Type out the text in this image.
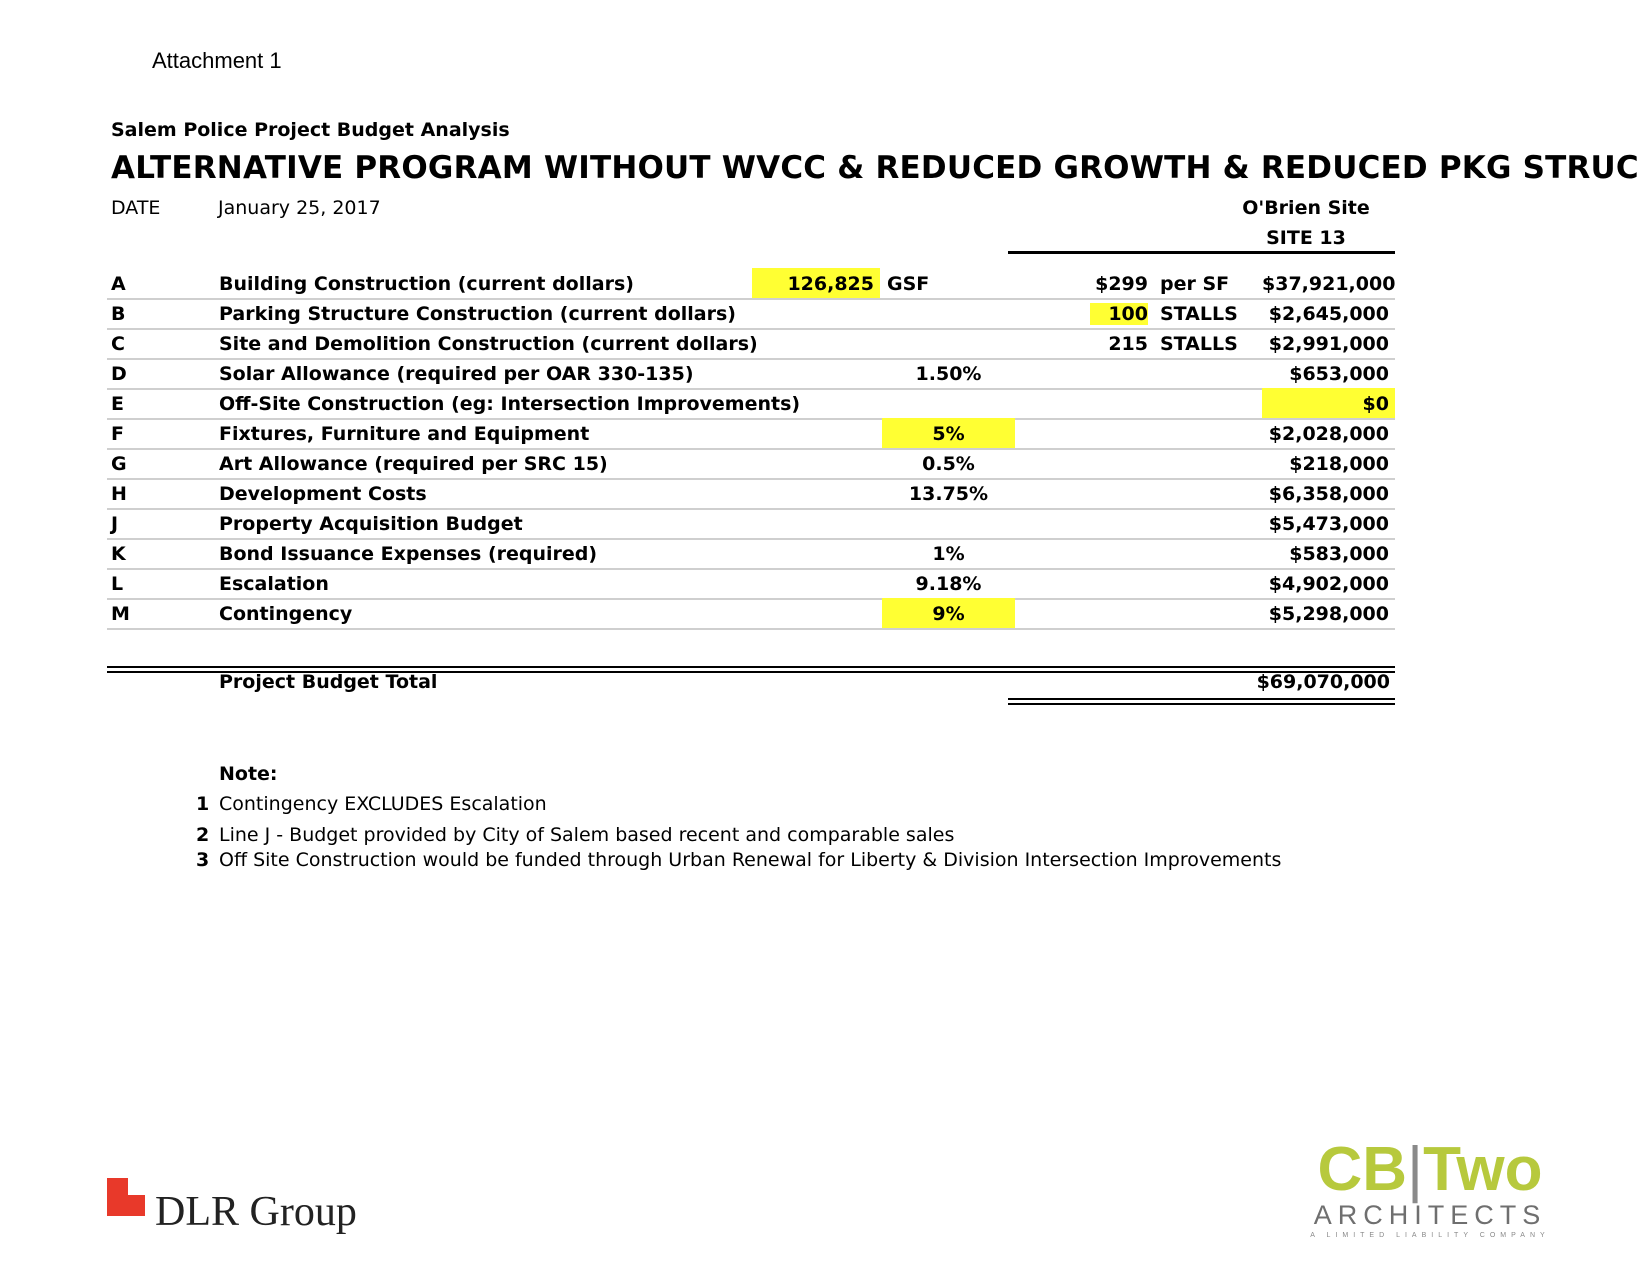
Attachment 1
Salem Police Project Budget Analysis
ALTERNATIVE PROGRAM WITHOUT WVCC & REDUCED GROWTH & REDUCED PKG STRUC
DATE	January 25, 2017	O'Brien Site
SITE 13
A	Building Construction (current dollars)	126,825 GSF	$299 per SF $37,921,000
B	Parking Structure Construction (current dollars)	100 STALLS	$2,645,000
C	Site and Demolition Construction (current dollars)	215 STALLS	$2,991,000
D	Solar Allowance (required per OAR 330-135)	1.50%	$653,000
E	Off-Site Construction (eg: Intersection Improvements)	$0
F	Fixtures, Furniture and Equipment	5%	$2,028,000
G	Art Allowance (required per SRC 15)	0.5%	$218,000
H	Development Costs	13.75%	$6,358,000
J	Property Acquisition Budget	$5,473,000
K	Bond Issuance Expenses (required)	1%	$583,000
L	Escalation	9.18%	$4,902,000
M	Contingency	9%	$5,298,000
Project Budget Total	$69,070,000
Note:
1 Contingency EXCLUDES Escalation
2 Line J - Budget provided by City of Salem based recent and comparable sales
3 Off Site Construction would be funded through Urban Renewal for Liberty & Division Intersection Improvements
DLR Group
CB|Two
ARCHITECTS
A LIMITED LIABILITY COMPANY
